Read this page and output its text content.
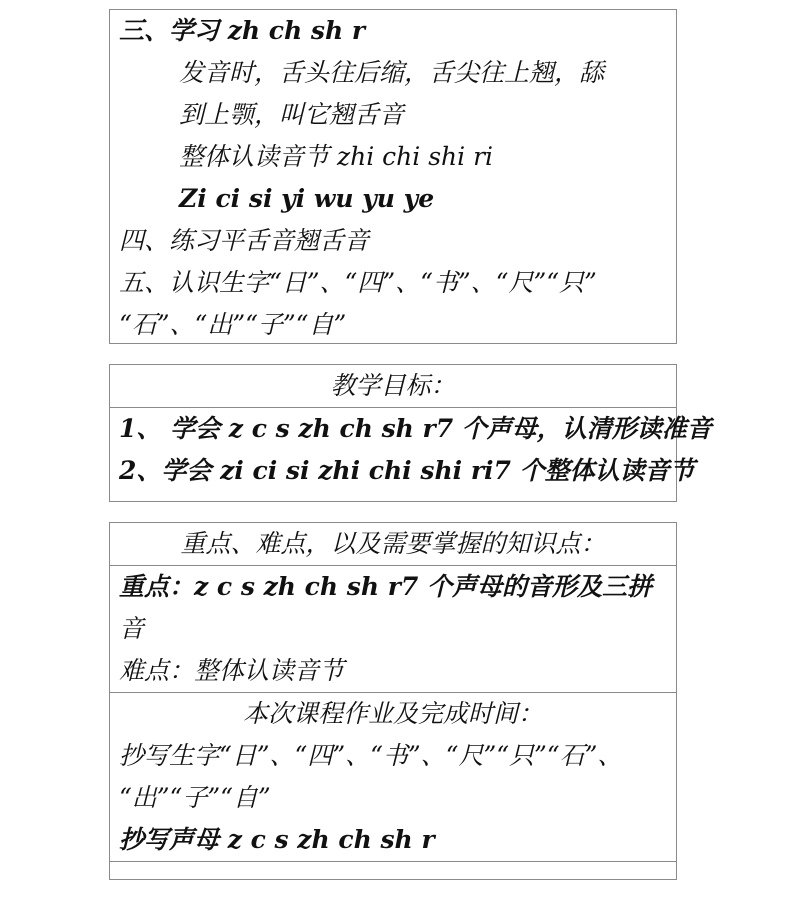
三、学习 zh ch sh r
发音时，舌头往后缩，舌尖往上翘，舔
到上颚，叫它翘舌音
整体认读音节 zhi chi shi ri
Zi ci si yi wu yu ye
四、练习平舌音翘舌音
五、认识生字“日”、“四”、“书”、“尺”“只”
“石”、“出”“子”“自”
教学目标：
1、 学会 z c s zh ch sh r7 个声母，认清形读准音
2、学会 zi ci si zhi chi shi ri7 个整体认读音节
重点、难点，以及需要掌握的知识点：
重点：z c s zh ch sh r7 个声母的音形及三拼
音
难点：整体认读音节
本次课程作业及完成时间：
抄写生字“日”、“四”、“书”、“尺”“只”“石”、
“出”“子”“自”
抄写声母 z c s zh ch sh r
